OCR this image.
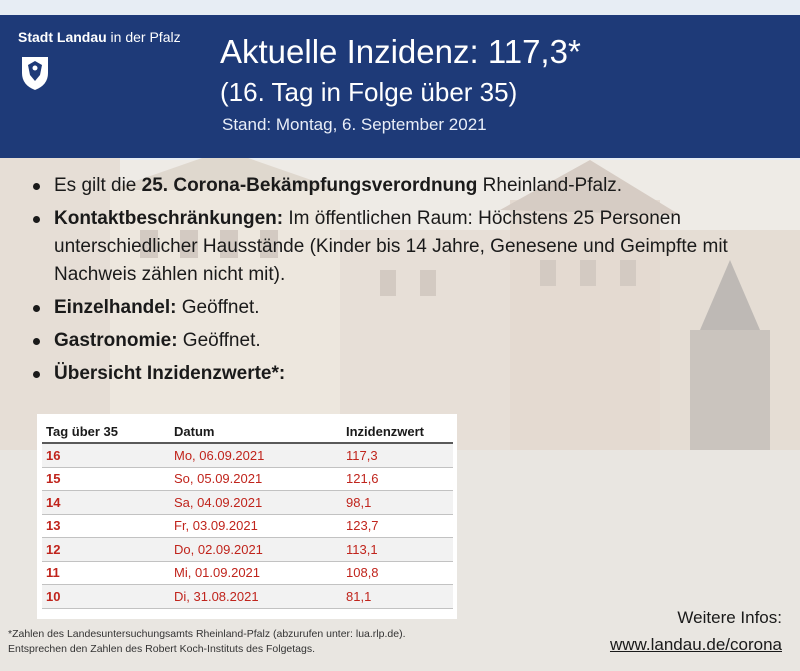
Stadt Landau in der Pfalz Aktuelle Inzidenz: 117,3*
(16. Tag in Folge über 35)
Stand: Montag, 6. September 2021
Es gilt die 25. Corona-Bekämpfungsverordnung Rheinland-Pfalz.
Kontaktbeschränkungen: Im öffentlichen Raum: Höchstens 25 Personen unterschiedlicher Hausstände (Kinder bis 14 Jahre, Genesene und Geimpfte mit Nachweis zählen nicht mit).
Einzelhandel: Geöffnet.
Gastronomie: Geöffnet.
Übersicht Inzidenzwerte*:
Tag über 35	Datum	Inzidenzwert
16	Mo, 06.09.2021	117,3
15	So, 05.09.2021	121,6
14	Sa, 04.09.2021	98,1
13	Fr, 03.09.2021	123,7
12	Do, 02.09.2021	113,1
11	Mi, 01.09.2021	108,8
10	Di, 31.08.2021	81,1
*Zahlen des Landesuntersuchungsamts Rheinland-Pfalz (abzurufen unter: lua.rlp.de).
Entsprechen den Zahlen des Robert Koch-Instituts des Folgetags.
Weitere Infos:
www.landau.de/corona
